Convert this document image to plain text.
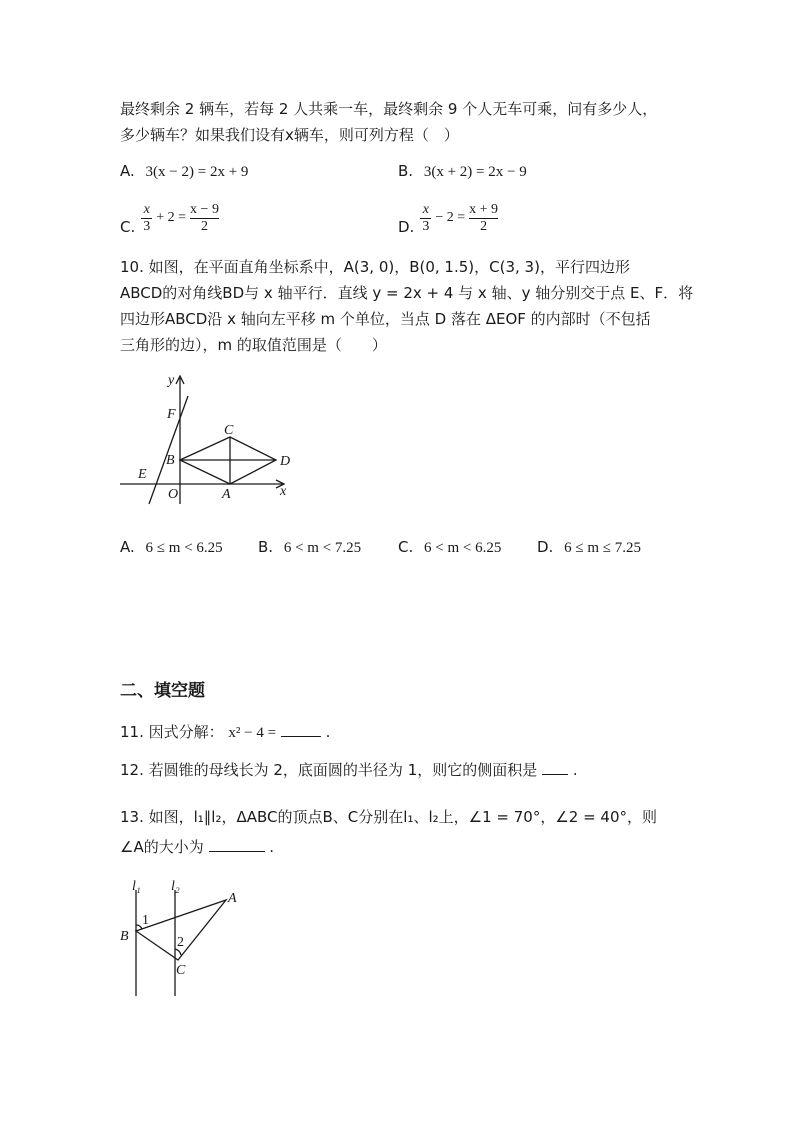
最终剩余 2 辆车，若每 2 人共乘一车，最终剩余 9 个人无车可乘，问有多少人，
多少辆车？如果我们设有x辆车，则可列方程（　）
A. 3(x − 2) = 2x + 9	B. 3(x + 2) = 2x − 9
C. $\frac{x}{3} + 2 = \frac{x - 9}{2}$	D. $\frac{x}{3} - 2 = \frac{x + 9}{2}$
10. 如图，在平面直角坐标系中，A(3, 0)，B(0, 1.5)，C(3, 3)，平行四边形
ABCD的对角线BD与 x 轴平行．直线 y = 2x + 4 与 x 轴、y 轴分别交于点 E、F．将
四边形ABCD沿 x 轴向左平移 m 个单位，当点 D 落在 ΔEOF 的内部时（不包括
三角形的边），m 的取值范围是（　　）
y
x
F
C
B	D
E
O	A
A. 6 ≤ m < 6.25 B. 6 < m < 7.25 C. 6 < m < 6.25 D. 6 ≤ m ≤ 7.25
二、填空题
11. 因式分解： x² − 4 =	.
12. 若圆锥的母线长为 2，底面圆的半径为 1，则它的侧面积是 .
13. 如图，l₁∥l₂，ΔABC的顶点B、C分别在l₁、l₂上，∠1 = 70°，∠2 = 40°，则
∠A的大小为	.
l₁ l₂
A
B
C
1
2
